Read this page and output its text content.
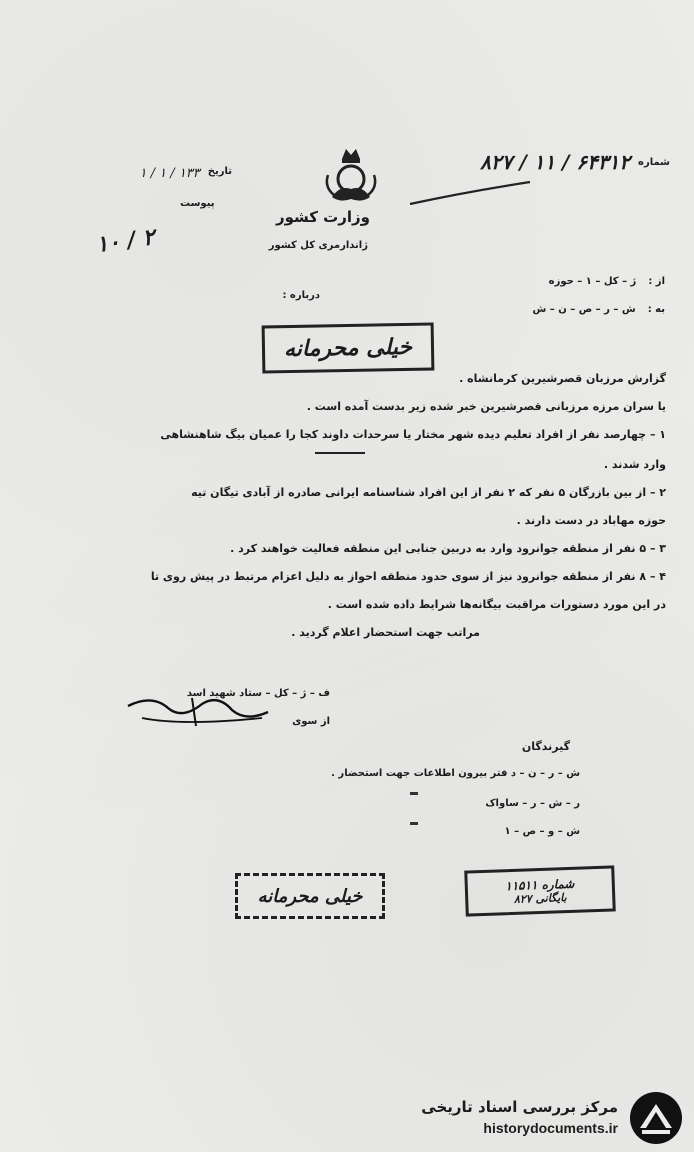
وزارت کشور
ژاندارمری کل کشور
تاریخ
۱۳۳ / ۱ / ۱
پیوست
۱۰ / ۲
شماره
۶۴۳۱۲ / ۱۱ / ۸۲۷
از :
ژ – کل – ۱ – حوزه
به :
ش – ر – ص – ن – ش
درباره :
خیلی محرمانه
گزارش مرزبان قصرشیرین کرمانشاه .
یا سران مرزه مرزبانی قصرشیرین خبر شده زیر بدست آمده است .
۱ – چهارصد نفر از افراد تعلیم دیده شهر مختار یا سرحدات داوند کجا را عمیان بیگ شاهنشاهی
وارد شدند .
۲ – از بین بازرگان ۵ نفر که ۲ نفر از این افراد شناسنامه ایرانی صادره از آبادی تیگان تیه
حوزه مهاباد در دست دارند .
۳ – ۵ نفر از منطقه جوانرود وارد به دربین جنابی این منطقه فعالیت خواهند کرد .
۴ – ۸ نفر از منطقه جوانرود نیز از سوی حدود منطقه احواز به دلیل اعزام مرتبط در پیش روی تا
در این مورد دستورات مراقبت بیگانه‌ها شرایط داده شده است .
مراتب جهت استحضار اعلام گردید .
ف – ژ – کل – ستاد شهید اسد
از سوی
گیرندگان
ش – ر – ن – د فتر بیرون اطلاعات جهت استحضار .
ر – ش – ر – ساواک
ش – و – ص – ۱
خیلی محرمانه
شماره ۱۱۵۱۱
بایگانی ۸۲۷
مرکز بررسی اسناد تاریخی
historydocuments.ir
